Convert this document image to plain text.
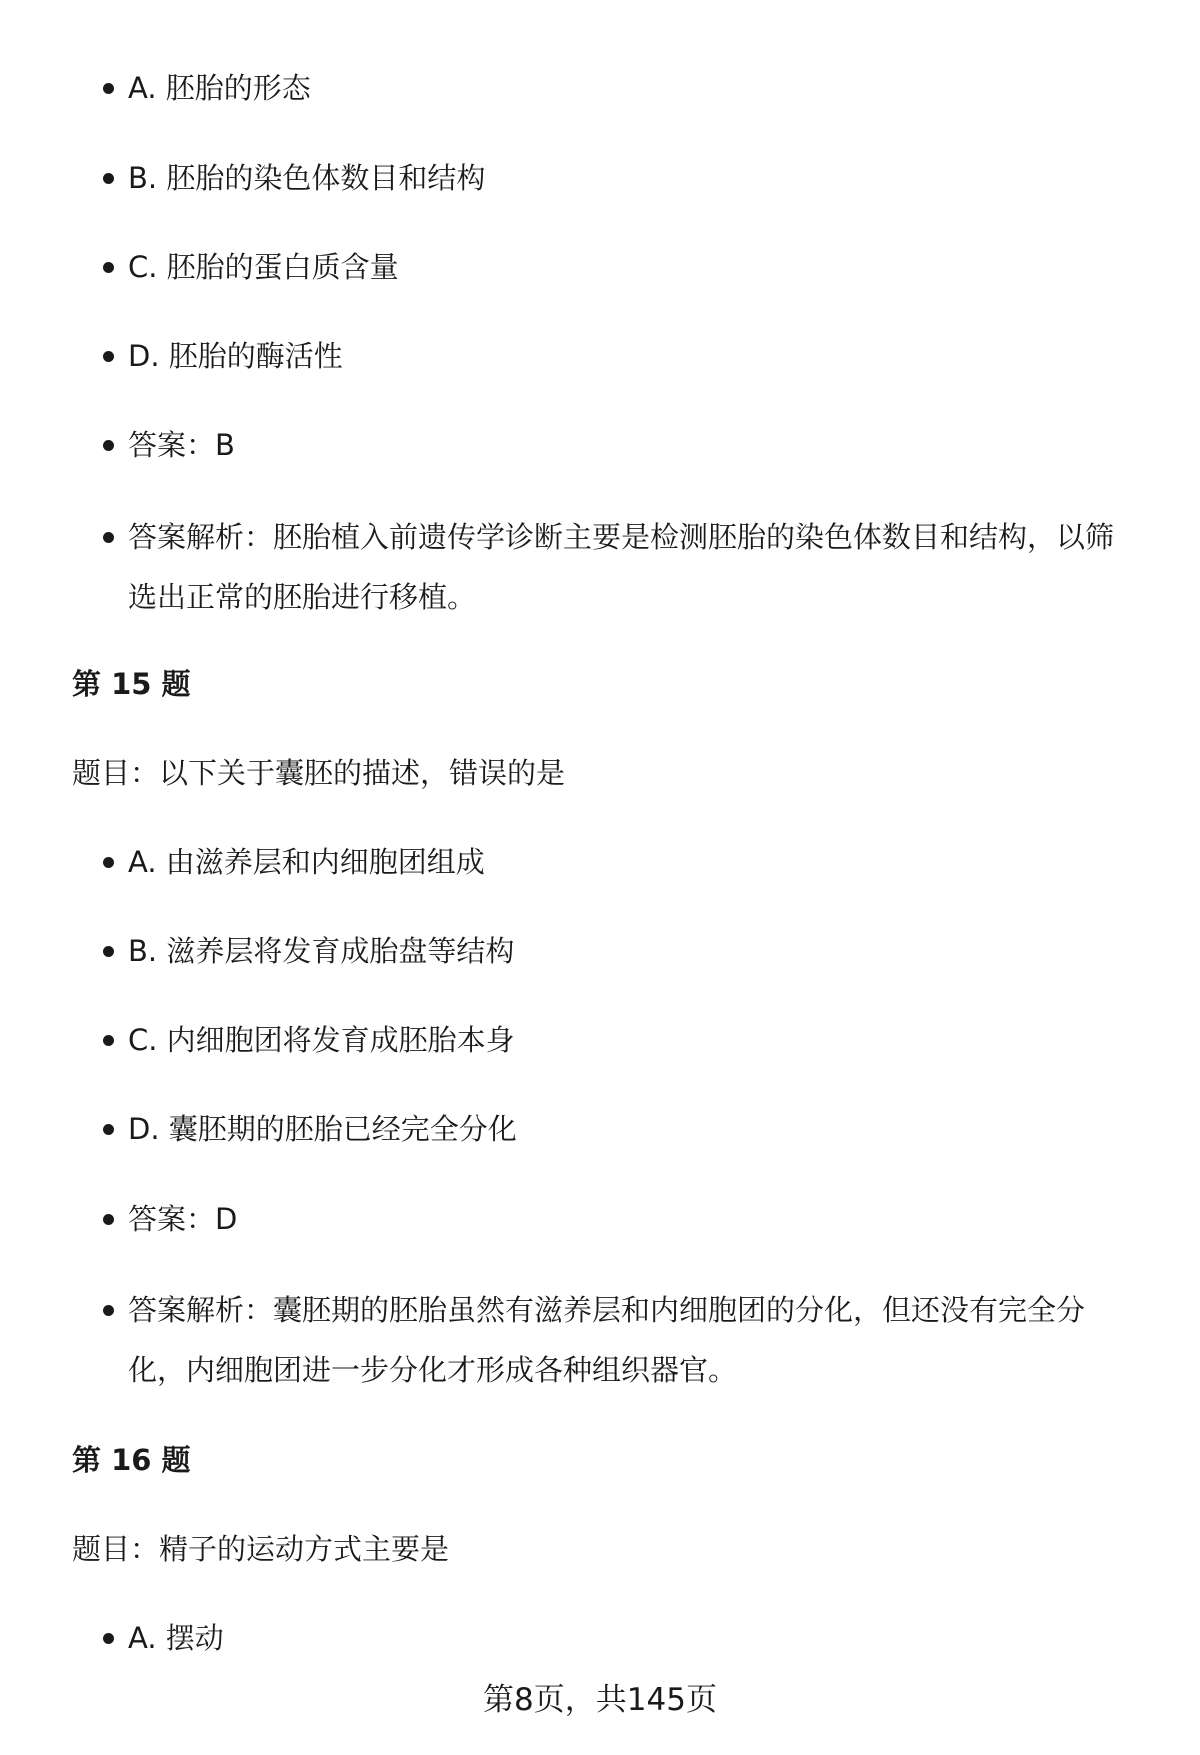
A. 胚胎的形态
B. 胚胎的染色体数目和结构
C. 胚胎的蛋白质含量
D. 胚胎的酶活性
答案：B
答案解析：胚胎植入前遗传学诊断主要是检测胚胎的染色体数目和结构，以筛选出正常的胚胎进行移植。
第 15 题
题目：以下关于囊胚的描述，错误的是
A. 由滋养层和内细胞团组成
B. 滋养层将发育成胎盘等结构
C. 内细胞团将发育成胚胎本身
D. 囊胚期的胚胎已经完全分化
答案：D
答案解析：囊胚期的胚胎虽然有滋养层和内细胞团的分化，但还没有完全分化，内细胞团进一步分化才形成各种组织器官。
第 16 题
题目：精子的运动方式主要是
A. 摆动
第8页，共145页
